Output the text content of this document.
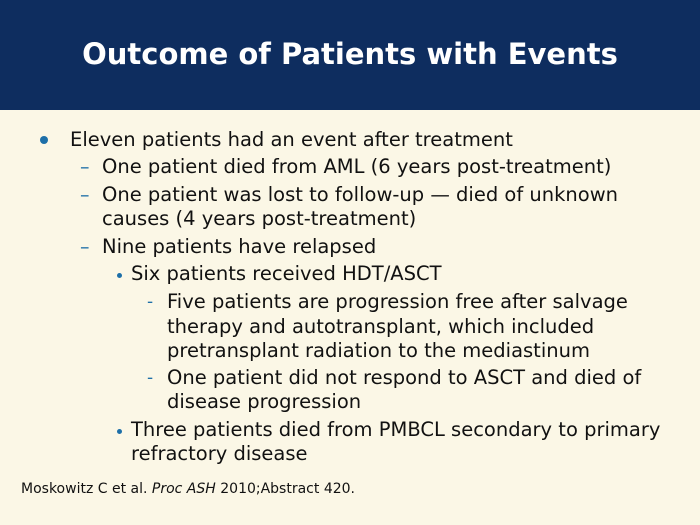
Outcome of Patients with Events
Eleven patients had an event after treatment
– One patient died from AML (6 years post-treatment)
– One patient was lost to follow-up — died of unknown
causes (4 years post-treatment)
– Nine patients have relapsed
Six patients received HDT/ASCT
- Five patients are progression free after salvage
therapy and autotransplant, which included
pretransplant radiation to the mediastinum
- One patient did not respond to ASCT and died of
disease progression
Three patients died from PMBCL secondary to primary
refractory disease
Moskowitz C et al. Proc ASH 2010;Abstract 420.
